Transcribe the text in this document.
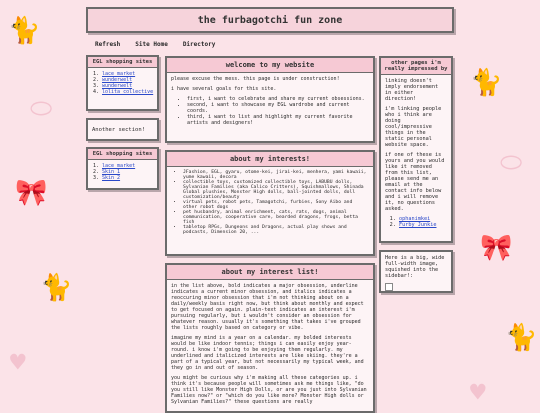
🐈
⬭
🎀
🐈
♥
🐈
⬭
🎀
🐈
♥
the furbagotchi fun zone
Refresh	Site Home	Directory
EGL shopping sites
1. lace market
2. wunderwelt
3. wunderwelt
4. lolita collective
Another section!
EGL shopping sites
1. lace market
2. Skin 1
3. Skin 2
welcome to my website

please excuse the mess. this page is under construction!

i have several goals for this site.

• first, i want to celebrate and share my current obsessions.
• second, i want to showcase my EGL wardrobe and current coords.
• third, i want to list and highlight my current favorite artists and designers!
about my interests!
• JFashion, EGL, gyaru, otome-kei, jirai-kei, menhera, yami kawaii, yume kawaii, decora
• collectible toys, customized collectible toys, LABUBU dolls, Sylvanian Families (aka Calico Critters), Squishmallows, Shinada Global plushies, Monster High dolls, ball-jointed dolls, doll customization/beauty
• virtual pets, robot pets, Tamagotchi, furbies, Sony Aibo and other robot dogs
• pet husbandry, animal enrichment, cats, rats, dogs, animal communication, cooperative care, bearded dragons, frogs, betta fish
• tabletop RPGs, Dungeons and Dragons, actual play shows and podcasts, Dimension 20, ...
about my interest list!

in the list above, bold indicates a major obsession, underline indicates a current minor obsession, and italics indicates a reoccuring minor obsession that i'm not thinking about on a daily/weekly basis right now, but think about monthly and expect to get focused on again. plain-text indicates an interest i'm pursuing regularly, but i wouldn't consider an obsession for whatever reason. usually it's something that takes i've grouped the lists roughly based on category or vibe.

imagine my mind is a year on a calendar. my bolded interests would be like indoor tennis; things i can easily enjoy year-round. i know i'm going to be enjoying them regularly. my underlined and italicized interests are like skiing. they're a part of a typical year, but not necessarily my typical week, and they go in and out of season.

you might be curious why i'm making all these categories up. i think it's because people will sometimes ask me things like, "do you still like Monster High Dolls, or are you just into Sylvanian Families now?" or "which do you like more? Monster High dolls or Sylvanian Families?" these questions are really

other pages i'm really impressed by

linking doesn't imply endorsement in either direction!

i'm linking people who i think are doing cool/impressive things in the static personal website space.

if one of these is yours and you would like it removed from this list, please send me an email at the contact info below and i will remove it, no questions asked.

1. ophanimkei
2. Furby Junkie

Here is a big, wide full-width image, squished into the sidebar!:
